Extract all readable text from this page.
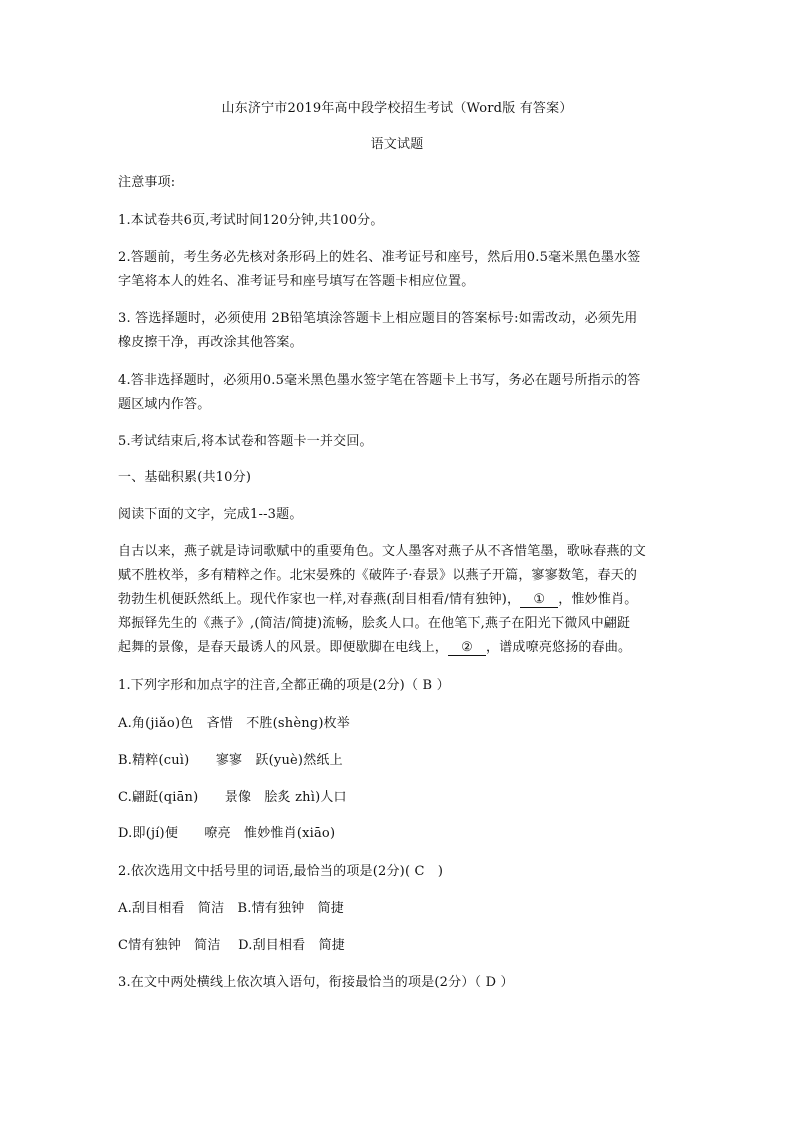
山东济宁市2019年高中段学校招生考试（Word版 有答案）
语文试题
注意事项:
1.本试卷共6页,考试时间120分钟,共100分。
2.答题前，考生务必先核对条形码上的姓名、准考证号和座号，然后用0.5毫米黑色墨水签
字笔将本人的姓名、准考证号和座号填写在答题卡相应位置。
3. 答选择题时，必须使用 2B铅笔填涂答题卡上相应题目的答案标号:如需改动，必须先用
橡皮擦干净，再改涂其他答案。
4.答非选择题时，必须用0.5毫米黑色墨水签字笔在答题卡上书写，务必在题号所指示的答
题区域内作答。
5.考试结束后,将本试卷和答题卡一并交回。
一、基础积累(共10分)
阅读下面的文字，完成1--3题。
自古以来，燕子就是诗词歌赋中的重要角色。文人墨客对燕子从不吝惜笔墨，歌咏春燕的文
赋不胜枚举，多有精粹之作。北宋晏殊的《破阵子·春景》以燕子开篇，寥寥数笔，春天的
勃勃生机便跃然纸上。现代作家也一样,对春燕(刮目相看/情有独钟)， ① ，惟妙惟肖。
郑振铎先生的《燕子》,(简洁/简捷)流畅，脍炙人口。在他笔下,燕子在阳光下微风中翩跹
起舞的景像，是春天最诱人的风景。即便歇脚在电线上， ② ，谱成嘹亮悠扬的春曲。
1.下列字形和加点字的注音,全都正确的项是(2分)（ B ）
A.角(jiǎo)色　吝惜　不胜(shèng)枚举
B.精粹(cuì)　　寥寥　跃(yuè)然纸上
C.翩跹(qiān)　　景像　脍炙 zhì)人口
D.即(jí)便　　嘹亮　惟妙惟肖(xiāo)
2.依次选用文中括号里的词语,最恰当的项是(2分)( C　)
A.刮目相看　简洁　B.情有独钟　简捷
C情有独钟　简洁　 D.刮目相看　简捷
3.在文中两处横线上依次填入语句，衔接最恰当的项是(2分）（ D ）
